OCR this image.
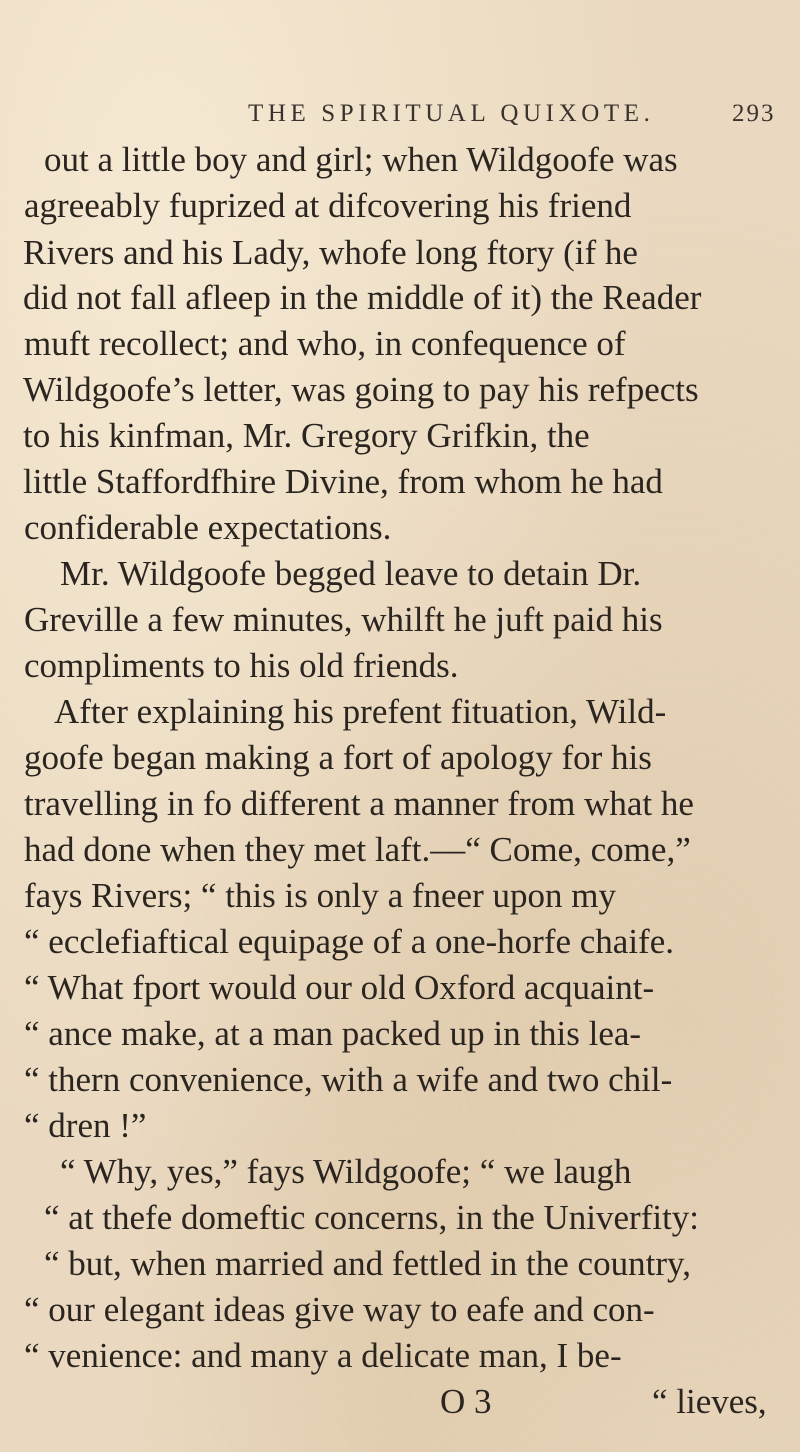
THE SPIRITUAL QUIXOTE.	293
out a little boy and girl; when Wildgoofe was
agreeably fuprized at difcovering his friend
Rivers and his Lady, whofe long ftory (if he
did not fall afleep in the middle of it) the Reader
muft recollect; and who, in confequence of
Wildgoofe’s letter, was going to pay his refpects
to his kinfman, Mr. Gregory Grifkin, the
little Staffordfhire Divine, from whom he had
confiderable expectations.
Mr. Wildgoofe begged leave to detain Dr.
Greville a few minutes, whilft he juft paid his
compliments to his old friends.
After explaining his prefent fituation, Wild-
goofe began making a fort of apology for his
travelling in fo different a manner from what he
had done when they met laft.—“ Come, come,”
fays Rivers; “ this is only a fneer upon my
“ ecclefiaftical equipage of a one-horfe chaife.
“ What fport would our old Oxford acquaint-
“ ance make, at a man packed up in this lea-
“ thern convenience, with a wife and two chil-
“ dren !”
“ Why, yes,” fays Wildgoofe; “ we laugh
“ at thefe domeftic concerns, in the Univerfity:
“ but, when married and fettled in the country,
“ our elegant ideas give way to eafe and con-
“ venience: and many a delicate man, I be-
O 3	“ lieves,
